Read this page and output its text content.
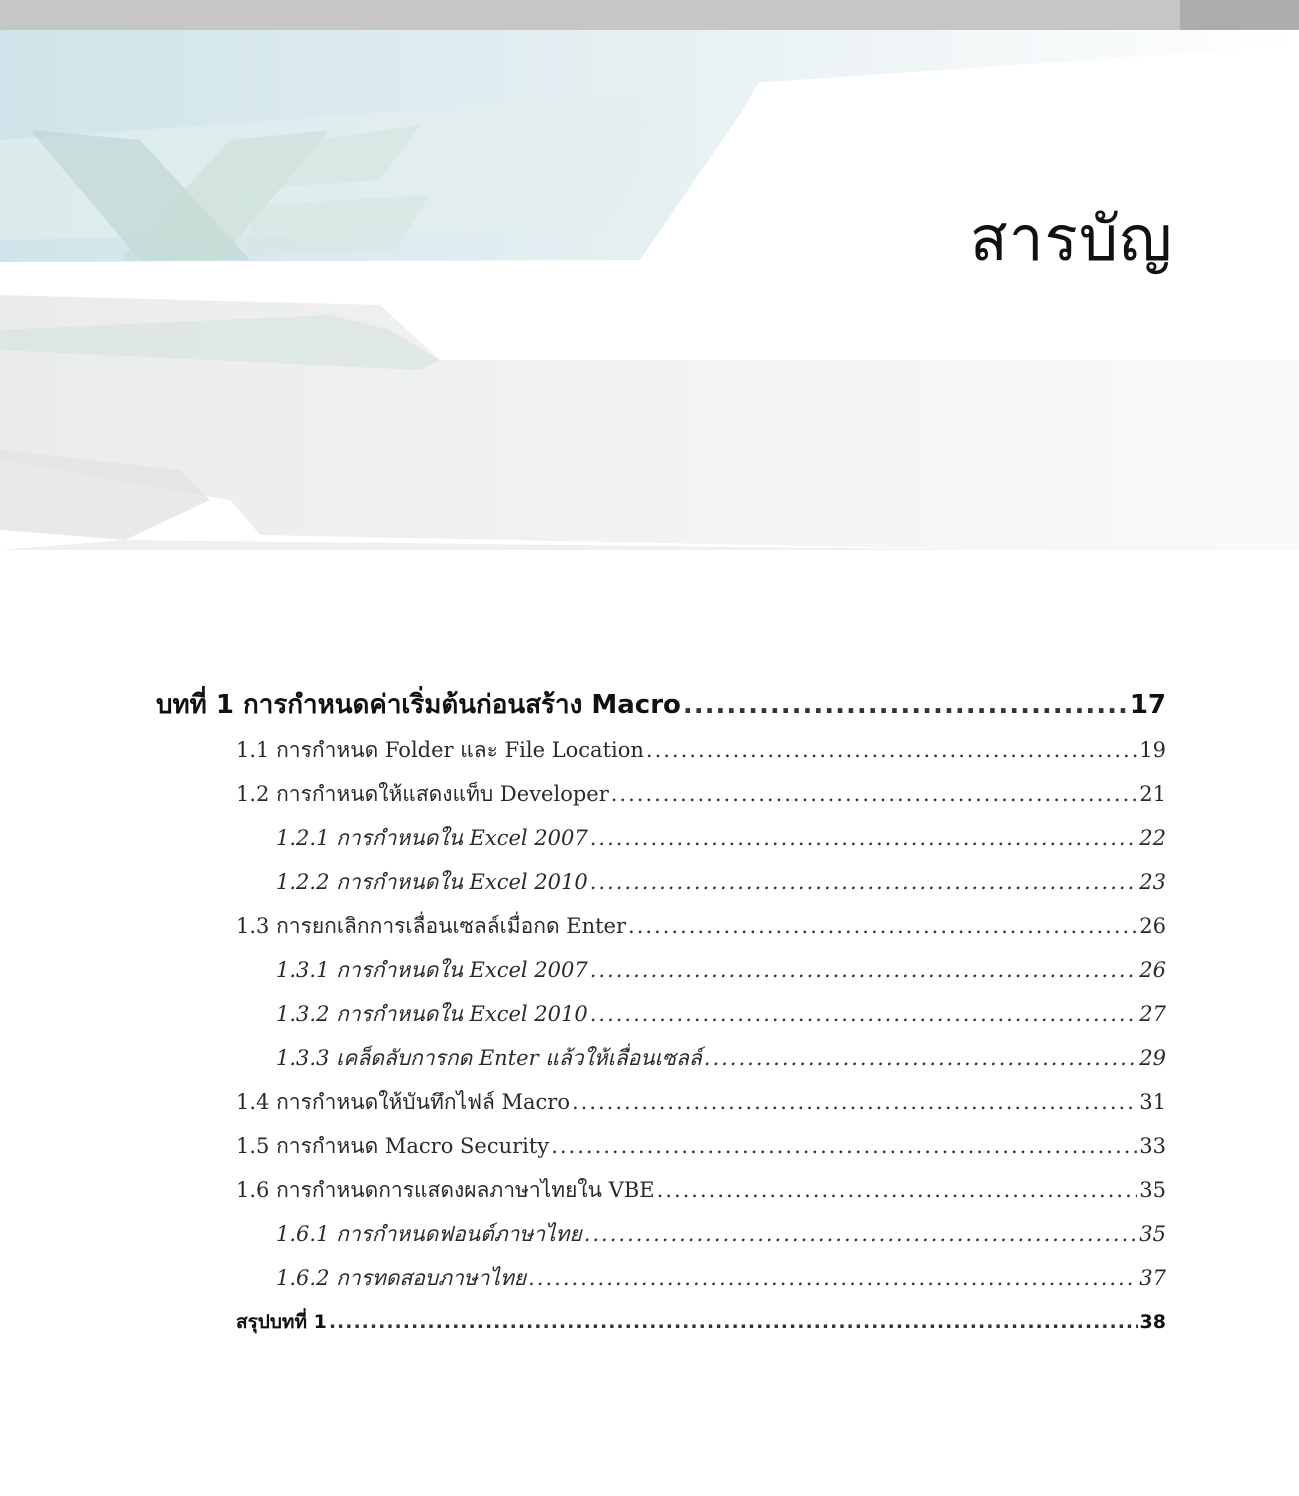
สารบัญ
บทที่ 1 การกำหนดค่าเริ่มต้นก่อนสร้าง Macro .....	17
1.1 การกำหนด Folder และ File Location .....	19
1.2 การกำหนดให้แสดงแท็บ Developer .....	21
1.2.1 การกำหนดใน Excel 2007 .....	22
1.2.2 การกำหนดใน Excel 2010 .....	23
1.3 การยกเลิกการเลื่อนเซลล์เมื่อกด Enter .....	26
1.3.1 การกำหนดใน Excel 2007 .....	26
1.3.2 การกำหนดใน Excel 2010 .....	27
1.3.3 เคล็ดลับการกด Enter แล้วให้เลื่อนเซลล์ .....	29
1.4 การกำหนดให้บันทึกไฟล์ Macro .....	31
1.5 การกำหนด Macro Security .....	33
1.6 การกำหนดการแสดงผลภาษาไทยใน VBE .....	35
1.6.1 การกำหนดฟอนต์ภาษาไทย .....	35
1.6.2 การทดสอบภาษาไทย .....	37
สรุปบทที่ 1 .....	38
